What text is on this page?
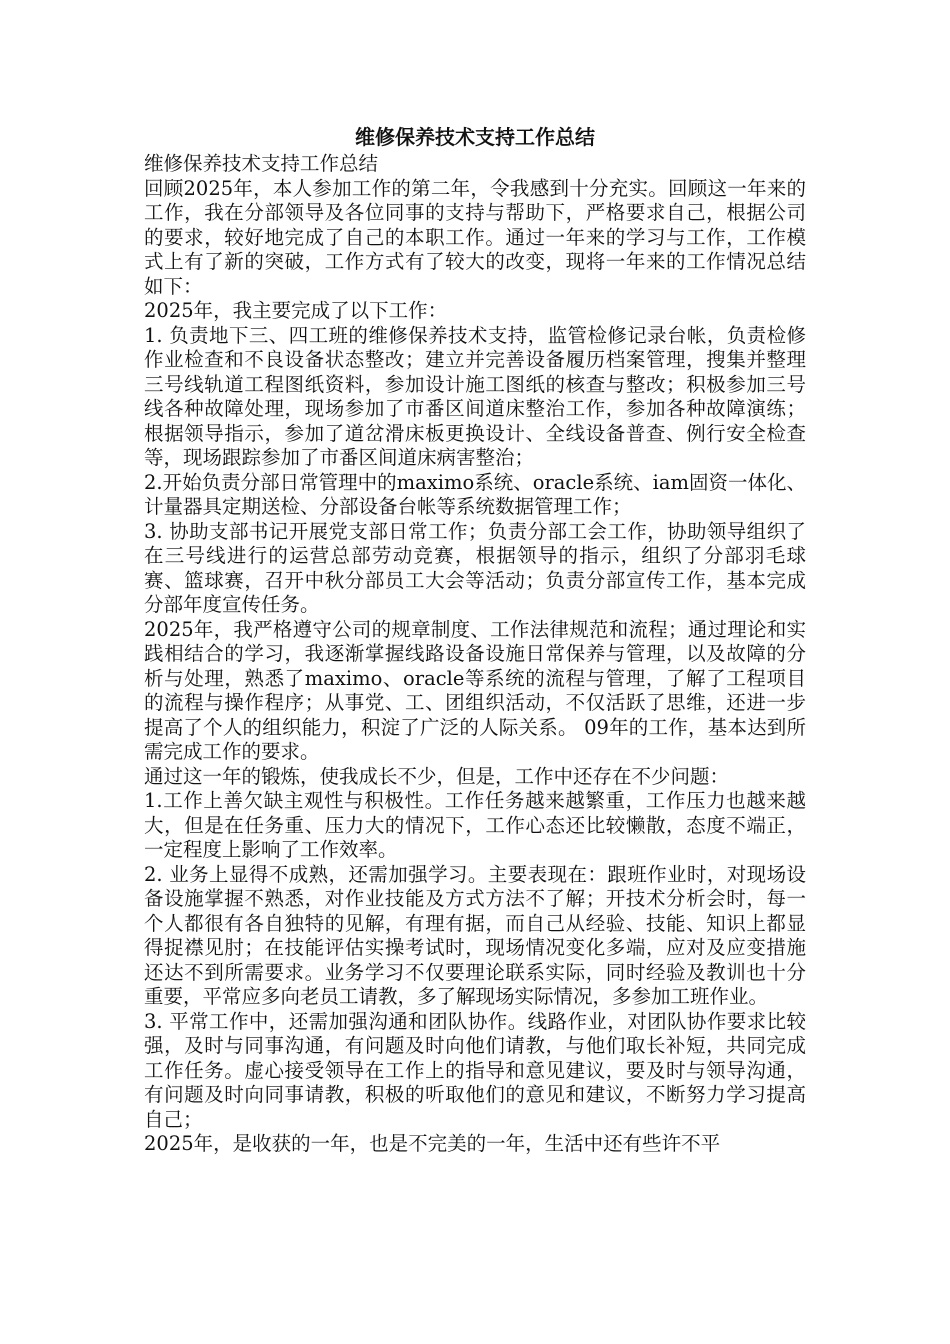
维修保养技术支持工作总结

维修保养技术支持工作总结

回顾2025年，本人参加工作的第二年，令我感到十分充实。回顾这一年来的工作，我在分部领导及各位同事的支持与帮助下，严格要求自己，根据公司的要求，较好地完成了自己的本职工作。通过一年来的学习与工作，工作模式上有了新的突破，工作方式有了较大的改变，现将一年来的工作情况总结如下：

2025年，我主要完成了以下工作：

1. 负责地下三、四工班的维修保养技术支持，监管检修记录台帐，负责检修作业检查和不良设备状态整改；建立并完善设备履历档案管理，搜集并整理三号线轨道工程图纸资料，参加设计施工图纸的核查与整改；积极参加三号线各种故障处理，现场参加了市番区间道床整治工作，参加各种故障演练；根据领导指示，参加了道岔滑床板更换设计、全线设备普查、例行安全检查等，现场跟踪参加了市番区间道床病害整治；

2.开始负责分部日常管理中的maximo系统、oracle系统、iam固资一体化、计量器具定期送检、分部设备台帐等系统数据管理工作；

3. 协助支部书记开展党支部日常工作；负责分部工会工作，协助领导组织了在三号线进行的运营总部劳动竞赛，根据领导的指示，组织了分部羽毛球赛、篮球赛，召开中秋分部员工大会等活动；负责分部宣传工作，基本完成分部年度宣传任务。

2025年，我严格遵守公司的规章制度、工作法律规范和流程；通过理论和实践相结合的学习，我逐渐掌握线路设备设施日常保养与管理，以及故障的分析与处理，熟悉了maximo、oracle等系统的流程与管理，了解了工程项目的流程与操作程序；从事党、工、团组织活动，不仅活跃了思维，还进一步提高了个人的组织能力，积淀了广泛的人际关系。 09年的工作，基本达到所需完成工作的要求。

通过这一年的锻炼，使我成长不少，但是，工作中还存在不少问题：

1.工作上善欠缺主观性与积极性。工作任务越来越繁重，工作压力也越来越大，但是在任务重、压力大的情况下，工作心态还比较懒散，态度不端正，一定程度上影响了工作效率。

2. 业务上显得不成熟，还需加强学习。主要表现在：跟班作业时，对现场设备设施掌握不熟悉，对作业技能及方式方法不了解；开技术分析会时，每一个人都很有各自独特的见解，有理有据，而自己从经验、技能、知识上都显得捉襟见肘；在技能评估实操考试时，现场情况变化多端，应对及应变措施还达不到所需要求。业务学习不仅要理论联系实际，同时经验及教训也十分重要，平常应多向老员工请教，多了解现场实际情况，多参加工班作业。

3. 平常工作中，还需加强沟通和团队协作。线路作业，对团队协作要求比较强，及时与同事沟通，有问题及时向他们请教，与他们取长补短，共同完成工作任务。虚心接受领导在工作上的指导和意见建议，要及时与领导沟通，有问题及时向同事请教，积极的听取他们的意见和建议，不断努力学习提高自己；

2025年，是收获的一年，也是不完美的一年，生活中还有些许不平
